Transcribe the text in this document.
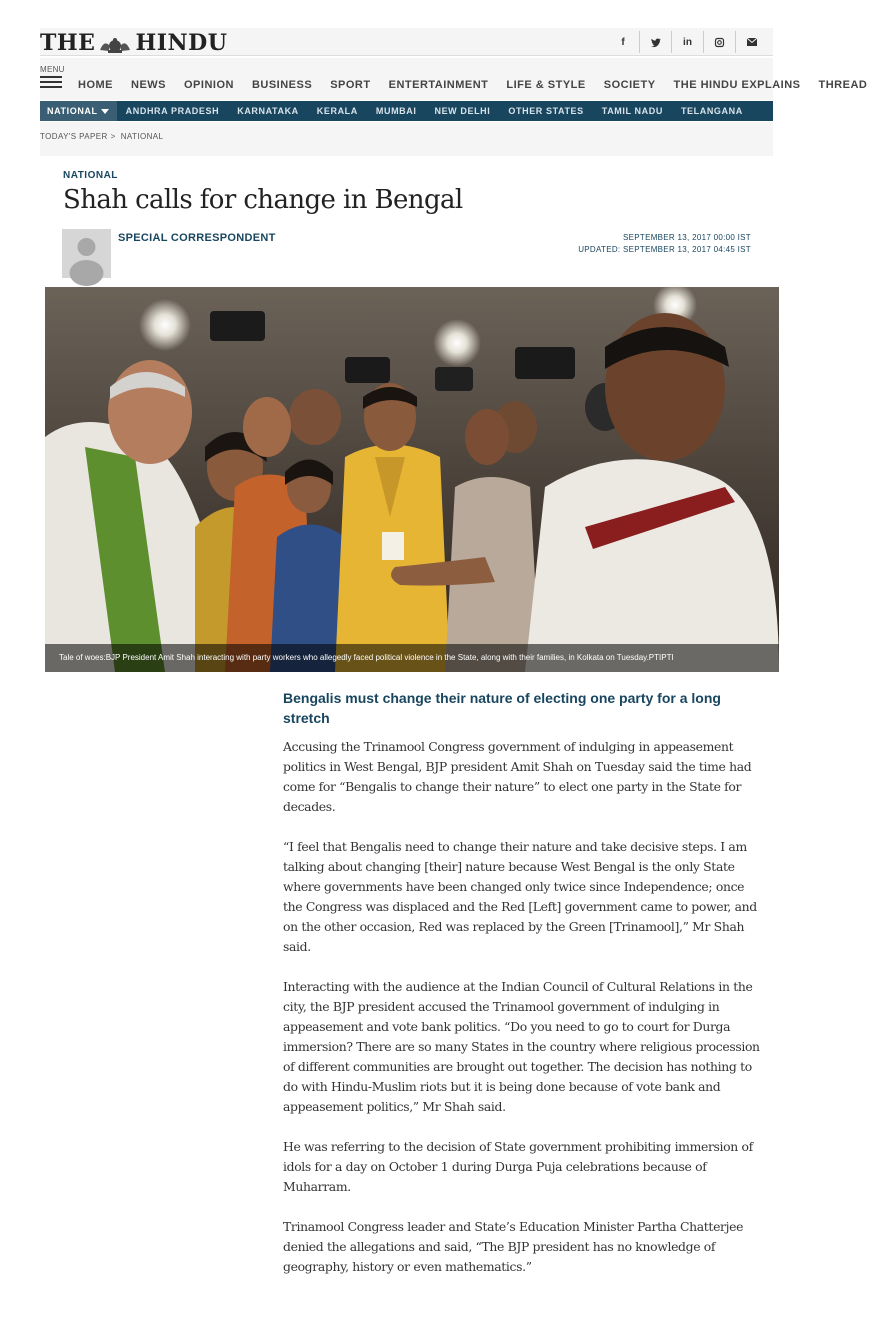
THE HINDU	f	in
MENU
HOME NEWS OPINION BUSINESS SPORT ENTERTAINMENT LIFE & STYLE SOCIETY THE HINDU EXPLAINS THREAD
NATIONAL	ANDHRA PRADESH KARNATAKA KERALA MUMBAI NEW DELHI OTHER STATES TAMIL NADU TELANGANA
TODAY'S PAPER > NATIONAL
NATIONAL
Shah calls for change in Bengal
SPECIAL CORRESPONDENT	SEPTEMBER 13, 2017 00:00 IST
UPDATED: SEPTEMBER 13, 2017 04:45 IST
Tale of woes:BJP President Amit Shah interacting with party workers who allegedly faced political violence in the State, along with their families, in Kolkata on Tuesday.PTIPTI
Bengalis must change their nature of electing one party for a long stretch

Accusing the Trinamool Congress government of indulging in appeasement politics in West Bengal, BJP president Amit Shah on Tuesday said the time had come for “Bengalis to change their nature” to elect one party in the State for decades.

“I feel that Bengalis need to change their nature and take decisive steps. I am talking about changing [their] nature because West Bengal is the only State where governments have been changed only twice since Independence; once the Congress was displaced and the Red [Left] government came to power, and on the other occasion, Red was replaced by the Green [Trinamool],” Mr Shah said.

Interacting with the audience at the Indian Council of Cultural Relations in the city, the BJP president accused the Trinamool government of indulging in appeasement and vote bank politics. “Do you need to go to court for Durga immersion? There are so many States in the country where religious procession of different communities are brought out together. The decision has nothing to do with Hindu-Muslim riots but it is being done because of vote bank and appeasement politics,” Mr Shah said.

He was referring to the decision of State government prohibiting immersion of idols for a day on October 1 during Durga Puja celebrations because of Muharram.

Trinamool Congress leader and State’s Education Minister Partha Chatterjee denied the allegations and said, “The BJP president has no knowledge of geography, history or even mathematics.”
